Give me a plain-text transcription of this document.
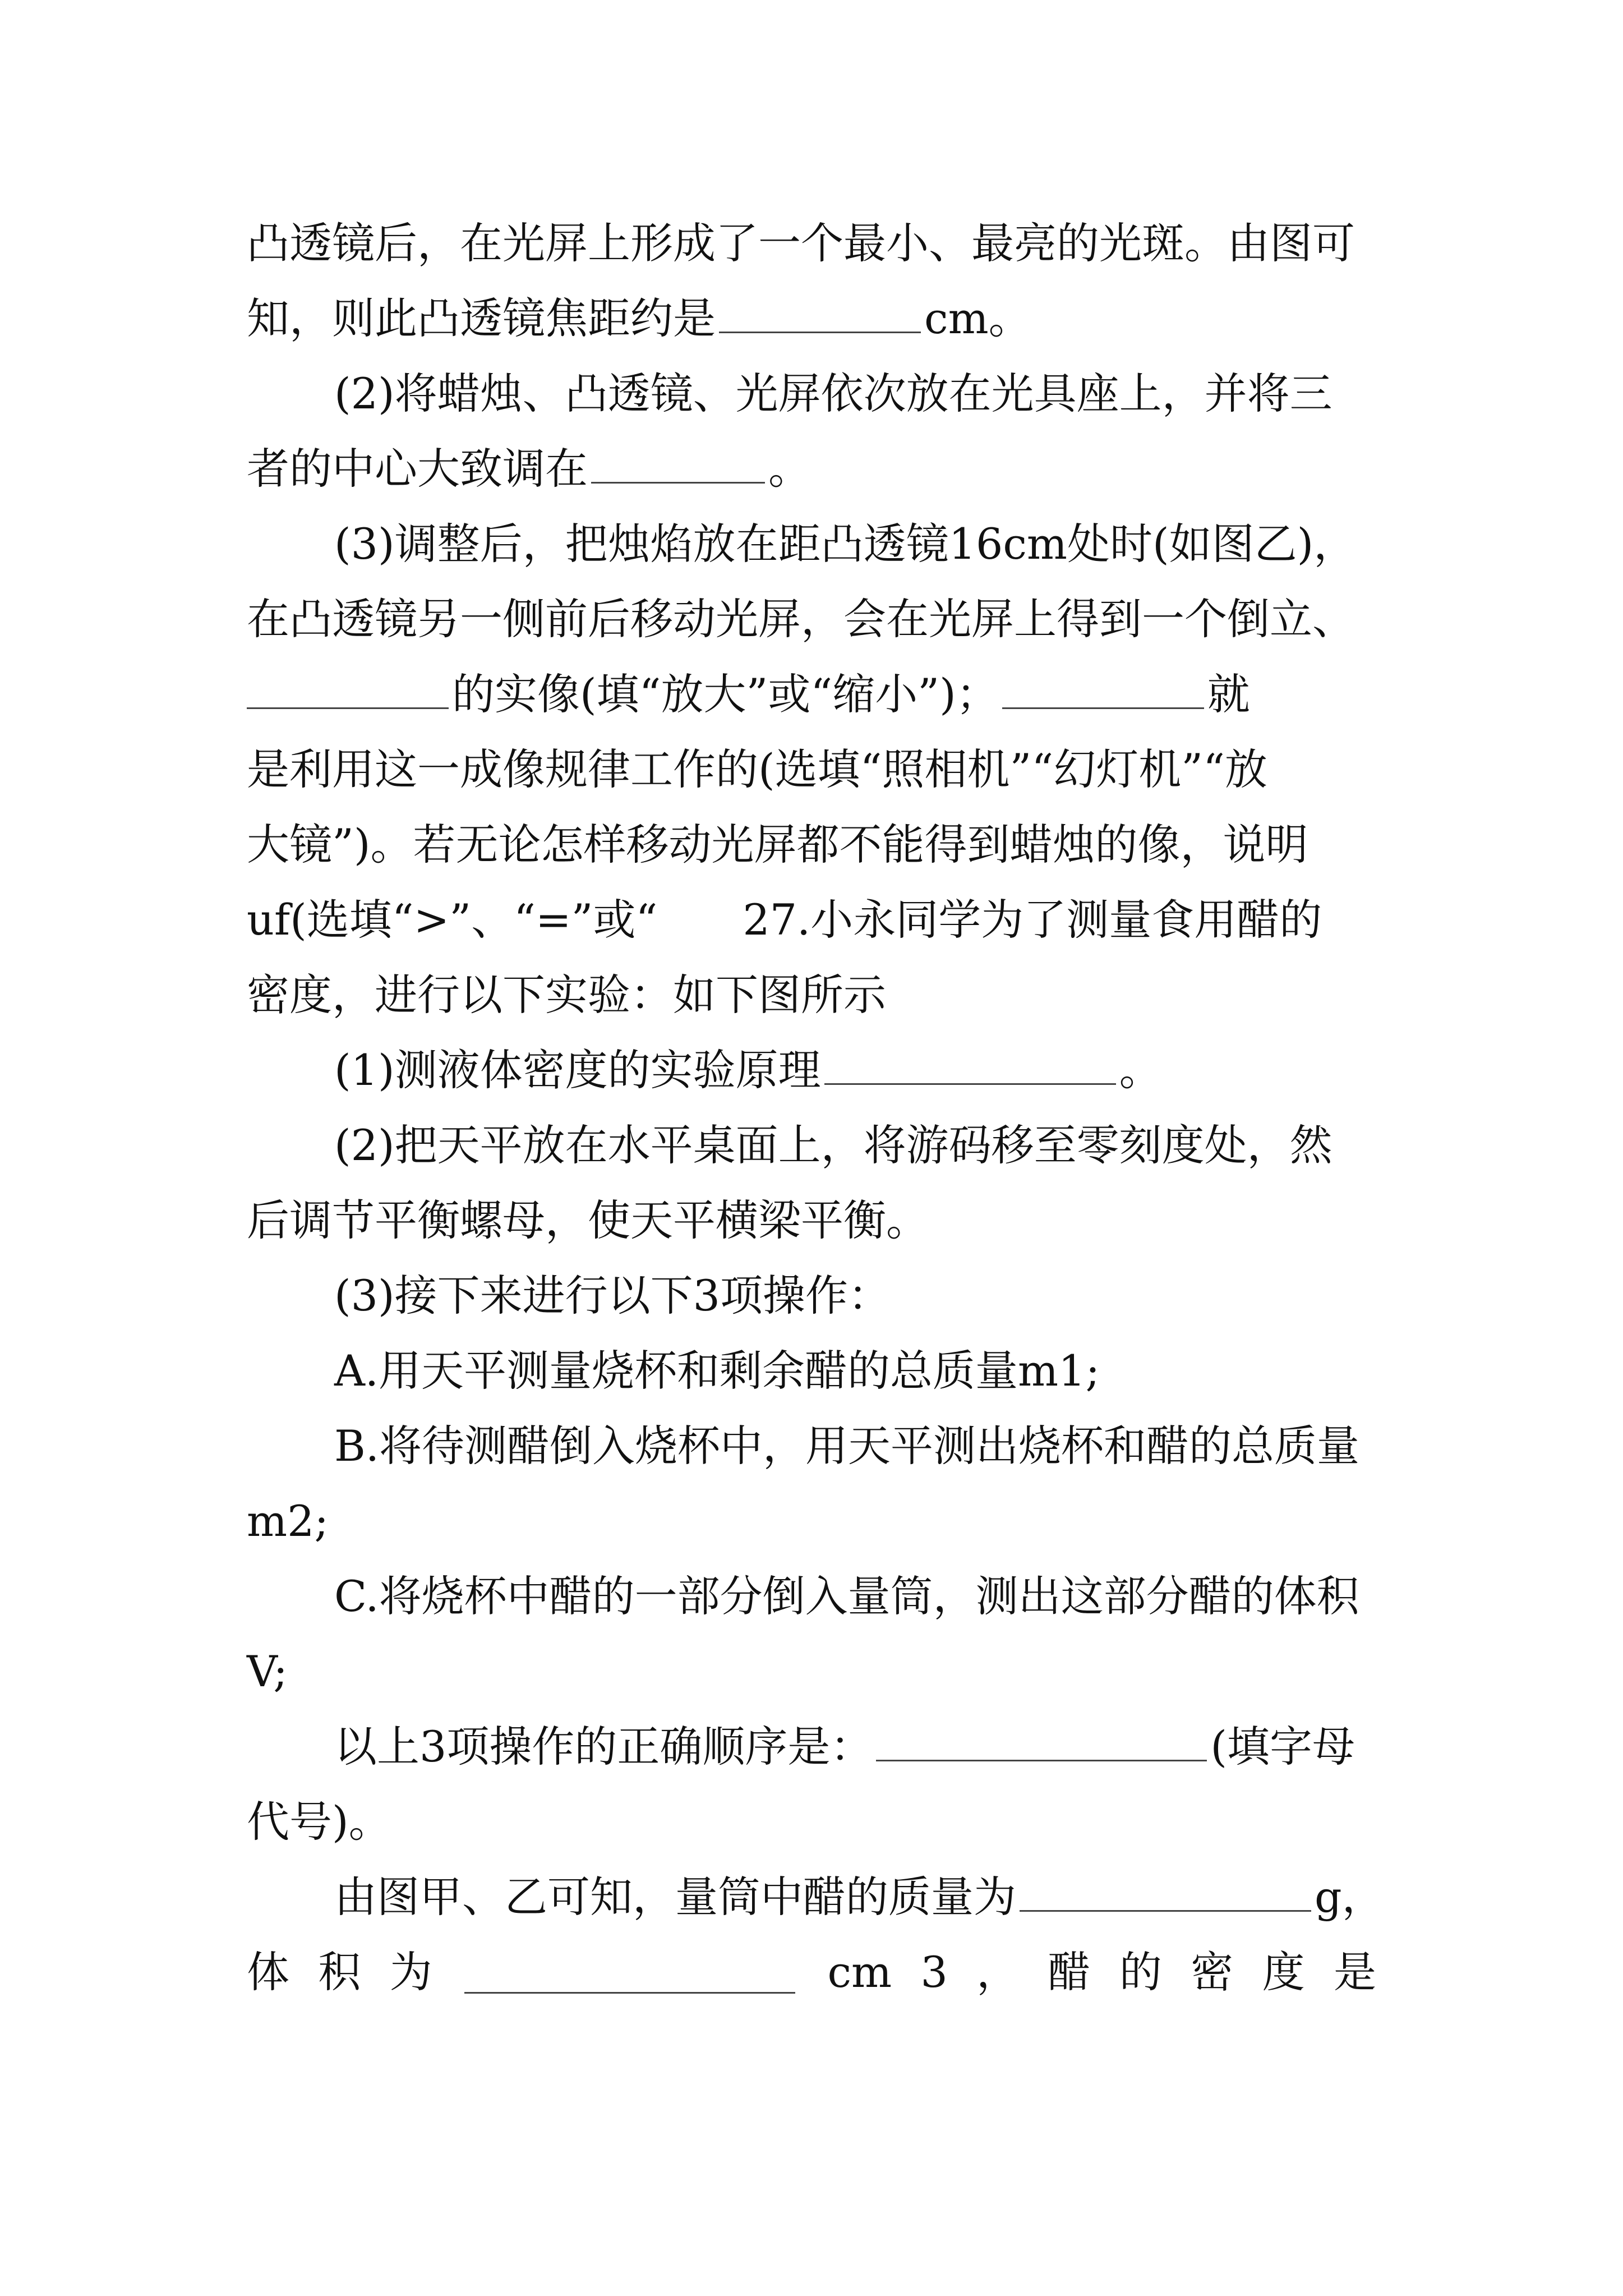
凸透镜后，在光屏上形成了一个最小、最亮的光斑。由图可
知，则此凸透镜焦距约是	cm。
(2)将蜡烛、凸透镜、光屏依次放在光具座上，并将三
者的中心大致调在	。
(3)调整后，把烛焰放在距凸透镜16cm处时(如图乙)，
在凸透镜另一侧前后移动光屏，会在光屏上得到一个倒立、
的实像(填“放大”或“缩小”)；	就
是利用这一成像规律工作的(选填“照相机”“幻灯机”“放
大镜”)。若无论怎样移动光屏都不能得到蜡烛的像，说明
uf(选填“>”、“=”或“　　27.小永同学为了测量食用醋的
密度，进行以下实验：如下图所示
(1)测液体密度的实验原理	。
(2)把天平放在水平桌面上，将游码移至零刻度处，然
后调节平衡螺母，使天平横梁平衡。
(3)接下来进行以下3项操作：
A.用天平测量烧杯和剩余醋的总质量m1;
B.将待测醋倒入烧杯中，用天平测出烧杯和醋的总质量
m2;
C.将烧杯中醋的一部分倒入量筒，测出这部分醋的体积
V;
以上3项操作的正确顺序是：	(填字母
代号)。
由图甲、乙可知，量筒中醋的质量为	g，
体 积 为	cm 3 ， 醋 的 密 度 是
